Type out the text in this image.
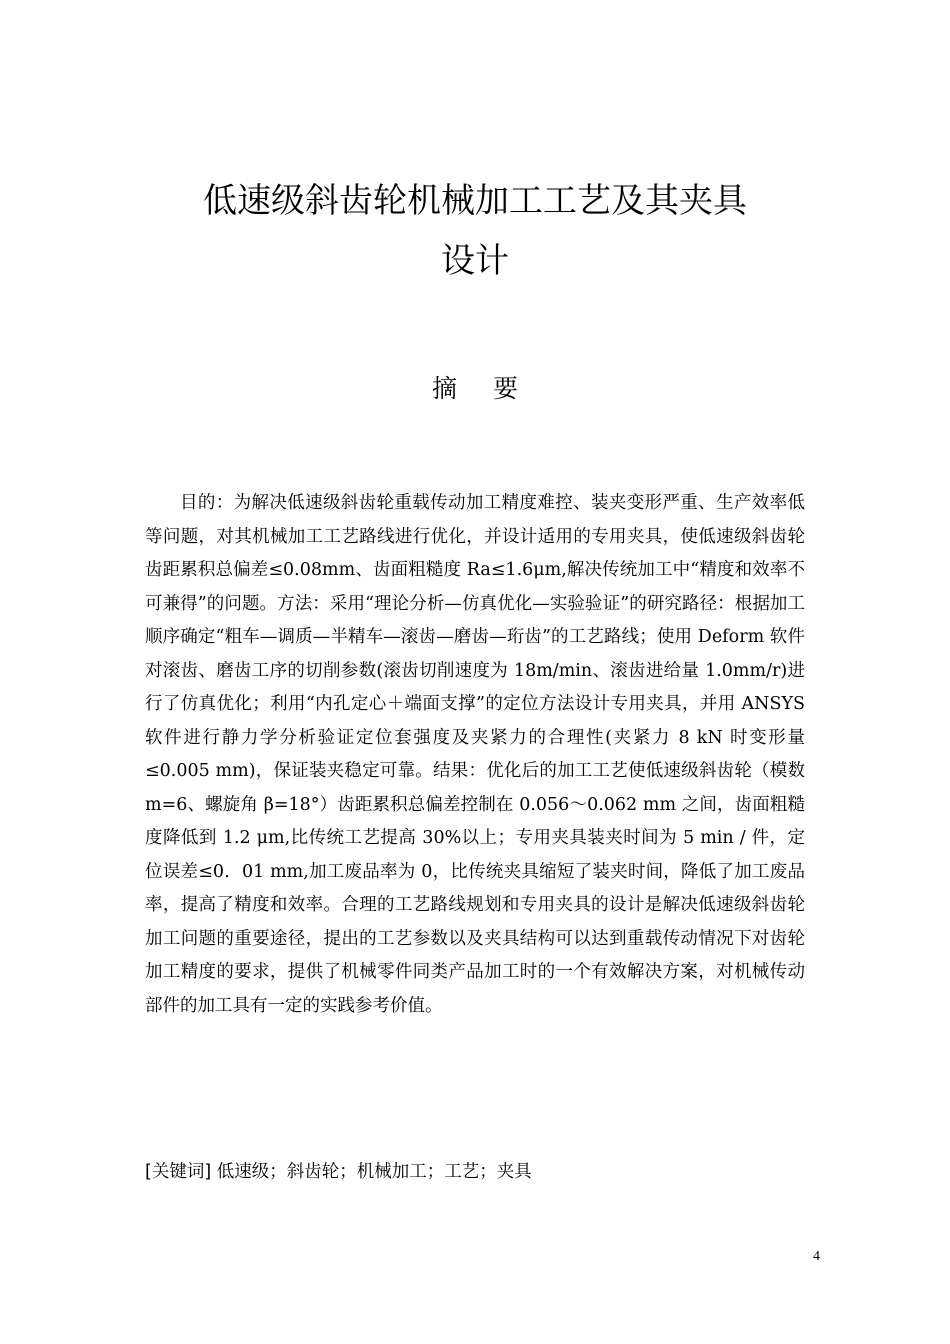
低速级斜齿轮机械加工工艺及其夹具
设计
摘要

目的：为解决低速级斜齿轮重载传动加工精度难控、装夹变形严重、生产效率低等问题，对其机械加工工艺路线进行优化，并设计适用的专用夹具，使低速级斜齿轮齿距累积总偏差≤0.08mm、齿面粗糙度 Ra≤1.6μm,解决传统加工中“精度和效率不可兼得”的问题。方法：采用“理论分析—仿真优化—实验验证”的研究路径：根据加工顺序确定“粗车—调质—半精车—滚齿—磨齿—珩齿”的工艺路线；使用 Deform 软件对滚齿、磨齿工序的切削参数(滚齿切削速度为 18m/min、滚齿进给量 1.0mm/r)进行了仿真优化；利用“内孔定心＋端面支撑”的定位方法设计专用夹具，并用 ANSYS 软件进行静力学分析验证定位套强度及夹紧力的合理性(夹紧力 8 kN 时变形量≤0.005 mm)，保证装夹稳定可靠。结果：优化后的加工工艺使低速级斜齿轮（模数 m=6、螺旋角 β=18°）齿距累积总偏差控制在 0.056～0.062 mm 之间，齿面粗糙度降低到 1.2 μm,比传统工艺提高 30%以上；专用夹具装夹时间为 5 min / 件，定位误差≤0．01 mm,加工废品率为 0，比传统夹具缩短了装夹时间，降低了加工废品率，提高了精度和效率。合理的工艺路线规划和专用夹具的设计是解决低速级斜齿轮加工问题的重要途径，提出的工艺参数以及夹具结构可以达到重载传动情况下对齿轮加工精度的要求，提供了机械零件同类产品加工时的一个有效解决方案，对机械传动部件的加工具有一定的实践参考价值。

[关键词] 低速级；斜齿轮；机械加工；工艺；夹具
4
